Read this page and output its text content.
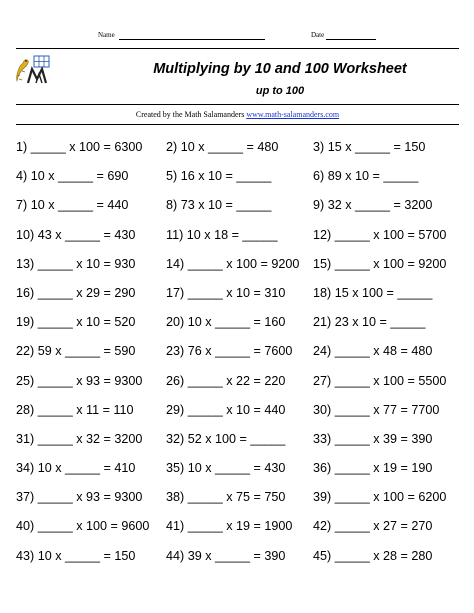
Name	Date
Multiplying by 10 and 100 Worksheet
up to 100
Created by the Math Salamanders www.math-salamanders.com
1) _____ x 100 = 6300	2) 10 x _____ = 480	3) 15 x _____ = 150
4) 10 x _____ = 690	5) 16 x 10 = _____	6) 89 x 10 = _____
7) 10 x _____ = 440	8) 73 x 10 = _____	9) 32 x _____ = 3200
10) 43 x _____ = 430	11) 10 x 18 = _____	12) _____ x 100 = 5700
13) _____ x 10 = 930	14) _____ x 100 = 9200	15) _____ x 100 = 9200
16) _____ x 29 = 290	17) _____ x 10 = 310	18) 15 x 100 = _____
19) _____ x 10 = 520	20) 10 x _____ = 160	21) 23 x 10 = _____
22) 59 x _____ = 590	23) 76 x _____ = 7600	24) _____ x 48 = 480
25) _____ x 93 = 9300	26) _____ x 22 = 220	27) _____ x 100 = 5500
28) _____ x 11 = 110	29) _____ x 10 = 440	30) _____ x 77 = 7700
31) _____ x 32 = 3200	32) 52 x 100 = _____	33) _____ x 39 = 390
34) 10 x _____ = 410	35) 10 x _____ = 430	36) _____ x 19 = 190
37) _____ x 93 = 9300	38) _____ x 75 = 750	39) _____ x 100 = 6200
40) _____ x 100 = 9600	41) _____ x 19 = 1900	42) _____ x 27 = 270
43) 10 x _____ = 150	44) 39 x _____ = 390	45) _____ x 28 = 280
